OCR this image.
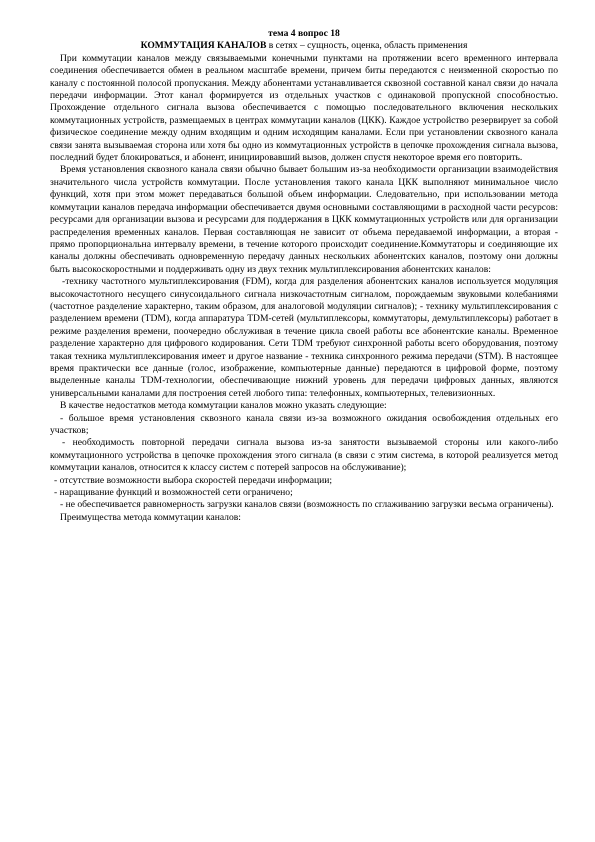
тема 4 вопрос 18
КОММУТАЦИЯ КАНАЛОВ в сетях – сущность, оценка, область применения

При коммутации каналов между связываемыми конечными пунктами на протяжении всего временного интервала соединения обеспечивается обмен в реальном масштабе времени, причем биты передаются с неизменной скоростью по каналу с постоянной полосой пропускания. Между абонентами устанавливается сквозной составной канал связи до начала передачи информации. Этот канал формируется из отдельных участков с одинаковой пропускной способностью. Прохождение отдельного сигнала вызова обеспечивается с помощью последовательного включения нескольких коммутационных устройств, размещаемых в центрах коммутации каналов (ЦКК). Каждое устройство резервирует за собой физическое соединение между одним входящим и одним исходящим каналами. Если при установлении сквозного канала связи занята вызываемая сторона или хотя бы одно из коммутационных устройств в цепочке прохождения сигнала вызова, последний будет блокироваться, и абонент, инициировавший вызов, должен спустя некоторое время его повторить.

Время установления сквозного канала связи обычно бывает большим из-за необходимости организации взаимодействия значительного числа устройств коммутации. После установления такого канала ЦКК выполняют минимальное число функций, хотя при этом может передаваться большой объем информации. Следовательно, при использовании метода коммутации каналов передача информации обеспечивается двумя основными составляющими в расходной части ресурсов: ресурсами для организации вызова и ресурсами для поддержания в ЦКК коммутационных устройств или для организации распределения временных каналов. Первая составляющая не зависит от объема передаваемой информации, а вторая - прямо пропорциональна интервалу времени, в течение которого происходит соединение.Коммутаторы и соединяющие их каналы должны обеспечивать одновременную передачу данных нескольких абонентских каналов, поэтому они должны быть высокоскоростными и поддерживать одну из двух техник мультиплексирования абонентских каналов:

-технику частотного мультиплексирования (FDM), когда для разделения абонентских каналов используется модуляция высокочастотного несущего синусоидального сигнала низкочастотным сигналом, порождаемым звуковыми колебаниями (частотное разделение характерно, таким образом, для аналоговой модуляции сигналов); - технику мультиплексирования с разделением времени (TDM), когда аппаратура TDM-сетей (мультиплексоры, коммутаторы, демультиплексоры) работает в режиме разделения времени, поочередно обслуживая в течение цикла своей работы все абонентские каналы. Временное разделение характерно для цифрового кодирования. Сети TDM требуют синхронной работы всего оборудования, поэтому такая техника мультиплексирования имеет и другое название - техника синхронного режима передачи (STM). В настоящее время практически все данные (голос, изображение, компьютерные данные) передаются в цифровой форме, поэтому выделенные каналы TDM-технологии, обеспечивающие нижний уровень для передачи цифровых данных, являются универсальными каналами для построения сетей любого типа: телефонных, компьютерных, телевизионных.

В качестве недостатков метода коммутации каналов можно указать следующие:

- большое время установления сквозного канала связи из-за возможного ожидания освобождения отдельных его участков;

- необходимость повторной передачи сигнала вызова из-за занятости вызываемой стороны или какого-либо коммутационного устройства в цепочке прохождения этого сигнала (в связи с этим система, в которой реализуется метод коммутации каналов, относится к классу систем с потерей запросов на обслуживание);

- отсутствие возможности выбора скоростей передачи информации;

- наращивание функций и возможностей сети ограничено;

- не обеспечивается равномерность загрузки каналов связи (возможность по сглаживанию загрузки весьма ограничены).

Преимущества метода коммутации каналов:
